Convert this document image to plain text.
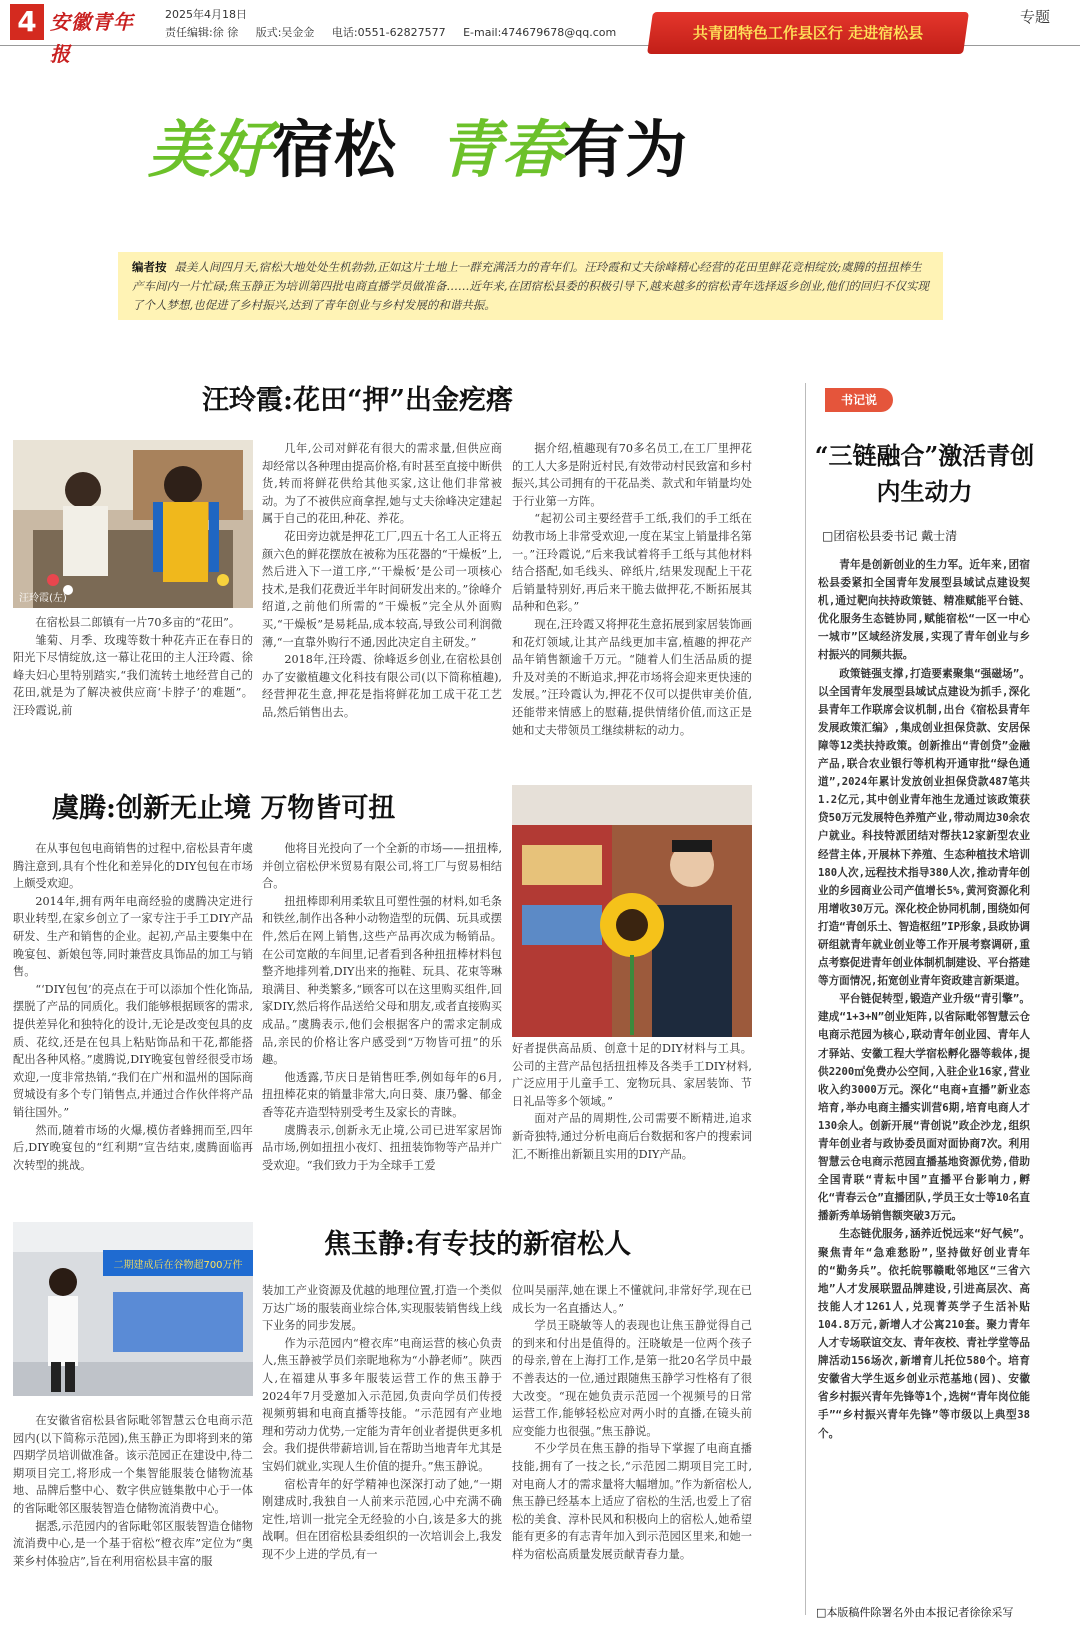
4 安徽青年报
2025年4月18日
责任编辑:徐 徐 版式:吴金金 电话:0551-62827577 E-mail:474679678@qq.com
专题
共青团特色工作县区行 走进宿松县
美好宿松 青春有为
编者按 最美人间四月天,宿松大地处处生机勃勃,正如这片土地上一群充满活力的青年们。汪玲霞和丈夫徐峰精心经营的花田里鲜花竞相绽放;虞腾的扭扭棒生产车间内一片忙碌;焦玉静正为培训第四批电商直播学员做准备……近年来,在团宿松县委的积极引导下,越来越多的宿松青年选择返乡创业,他们的回归不仅实现了个人梦想,也促进了乡村振兴,达到了青年创业与乡村发展的和谐共振。
汪玲霞:花田“押”出金疙瘩
汪玲霞(左)

在宿松县二郎镇有一片70多亩的“花田”。

雏菊、月季、玫瑰等数十种花卉正在春日的阳光下尽情绽放,这一幕让花田的主人汪玲霞、徐峰夫妇心里特别踏实,“我们流转土地经营自己的花田,就是为了解决被供应商‘卡脖子’的难题”。汪玲霞说,前

几年,公司对鲜花有很大的需求量,但供应商却经常以各种理由提高价格,有时甚至直接中断供货,转而将鲜花供给其他买家,这让他们非常被动。为了不被供应商拿捏,她与丈夫徐峰决定建起属于自己的花田,种花、养花。

花田旁边就是押花工厂,四五十名工人正将五颜六色的鲜花摆放在被称为压花器的“干燥板”上,然后进入下一道工序,“‘干燥板’是公司一项核心技术,是我们花费近半年时间研发出来的。”徐峰介绍道,之前他们所需的“干燥板”完全从外面购买,“干燥板”是易耗品,成本较高,导致公司利润微薄,“一直靠外购行不通,因此决定自主研发。”

2018年,汪玲霞、徐峰返乡创业,在宿松县创办了安徽植趣文化科技有限公司(以下简称植趣),经营押花生意,押花是指将鲜花加工成干花工艺品,然后销售出去。

据介绍,植趣现有70多名员工,在工厂里押花的工人大多是附近村民,有效带动村民致富和乡村振兴,其公司拥有的干花品类、款式和年销量均处于行业第一方阵。

“起初公司主要经营手工纸,我们的手工纸在幼教市场上非常受欢迎,一度在某宝上销量排名第一。”汪玲霞说,“后来我试着将手工纸与其他材料结合搭配,如毛线头、碎纸片,结果发现配上干花后销量特别好,再后来干脆去做押花,不断拓展其品种和色彩。”

现在,汪玲霞又将押花生意拓展到家居装饰画和花灯领域,让其产品线更加丰富,植趣的押花产品年销售额逾千万元。“随着人们生活品质的提升及对美的不断追求,押花市场将会迎来更快速的发展。”汪玲霞认为,押花不仅可以提供审美价值,还能带来情感上的慰藉,提供情绪价值,而这正是她和丈夫带领员工继续耕耘的动力。

虞腾:创新无止境 万物皆可扭

在从事包包电商销售的过程中,宿松县青年虞腾注意到,具有个性化和差异化的DIY包包在市场上颇受欢迎。

2014年,拥有两年电商经验的虞腾决定进行职业转型,在家乡创立了一家专注于手工DIY产品研发、生产和销售的企业。起初,产品主要集中在晚宴包、新娘包等,同时兼营皮具饰品的加工与销售。

“‘DIY包包’的亮点在于可以添加个性化饰品,摆脱了产品的同质化。我们能够根据顾客的需求,提供差异化和独特化的设计,无论是改变包具的皮质、花纹,还是在包具上粘贴饰品和干花,都能搭配出各种风格。”虞腾说,DIY晚宴包曾经很受市场欢迎,一度非常热销,“我们在广州和温州的国际商贸城设有多个专门销售点,并通过合作伙伴将产品销往国外。”

然而,随着市场的火爆,模仿者蜂拥而至,四年后,DIY晚宴包的“红利期”宣告结束,虞腾面临再次转型的挑战。

他将目光投向了一个全新的市场——扭扭棒,并创立宿松伊米贸易有限公司,将工厂与贸易相结合。

扭扭棒即利用柔软且可塑性强的材料,如毛条和铁丝,制作出各种小动物造型的玩偶、玩具或摆件,然后在网上销售,这些产品再次成为畅销品。在公司宽敞的车间里,记者看到各种扭扭棒材料包整齐地排列着,DIY出来的拖鞋、玩具、花束等琳琅满目、种类繁多,“顾客可以在这里购买组件,回家DIY,然后将作品送给父母和朋友,或者直接购买成品。”虞腾表示,他们会根据客户的需求定制成品,亲民的价格让客户感受到“万物皆可扭”的乐趣。

他透露,节庆日是销售旺季,例如每年的6月,扭扭棒花束的销量非常大,向日葵、康乃馨、郁金香等花卉造型特别受考生及家长的青睐。

虞腾表示,创新永无止境,公司已进军家居饰品市场,例如扭扭小夜灯、扭扭装饰物等产品并广受欢迎。“我们致力于为全球手工爱

好者提供高品质、创意十足的DIY材料与工具。公司的主营产品包括扭扭棒及各类手工DIY材料,广泛应用于儿童手工、宠物玩具、家居装饰、节日礼品等多个领域。”

面对产品的周期性,公司需要不断精进,追求新奇独特,通过分析电商后台数据和客户的搜索词汇,不断推出新颖且实用的DIY产品。

焦玉静:有专技的新宿松人
二期建成后在谷物超700万件

在安徽省宿松县省际毗邻智慧云仓电商示范园内(以下简称示范园),焦玉静正为即将到来的第四期学员培训做准备。该示范园正在建设中,待二期项目完工,将形成一个集智能服装仓储物流基地、品牌后整中心、数字供应链集散中心于一体的省际毗邻区服装智造仓储物流消费中心。

据悉,示范园内的省际毗邻区服装智造仓储物流消费中心,是一个基于宿松“橙衣库”定位为“奥莱乡村体验店”,旨在利用宿松县丰富的服

装加工产业资源及优越的地理位置,打造一个类似万达广场的服装商业综合体,实现服装销售线上线下业务的同步发展。

作为示范园内“橙衣库”电商运营的核心负责人,焦玉静被学员们亲昵地称为“小静老师”。陕西人,在福建从事多年服装运营工作的焦玉静于2024年7月受邀加入示范园,负责向学员们传授视频剪辑和电商直播等技能。“示范园有产业地理和劳动力优势,一定能为青年创业者提供更多机会。我们提供带薪培训,旨在帮助当地青年尤其是宝妈们就业,实现人生价值的提升。”焦玉静说。

宿松青年的好学精神也深深打动了她,“一期刚建成时,我独自一人前来示范园,心中充满不确定性,培训一批完全无经验的小白,该是多大的挑战啊。但在团宿松县委组织的一次培训会上,我发现不少上进的学员,有一

位叫吴丽萍,她在课上不懂就问,非常好学,现在已成长为一名直播达人。”

学员王晓敏等人的表现也让焦玉静觉得自己的到来和付出是值得的。汪晓敏是一位两个孩子的母亲,曾在上海打工作,是第一批20名学员中最不善表达的一位,通过跟随焦玉静学习性格有了很大改变。“现在她负责示范园一个视频号的日常运营工作,能够轻松应对两小时的直播,在镜头前应变能力也很强。”焦玉静说。

不少学员在焦玉静的指导下掌握了电商直播技能,拥有了一技之长,“示范园二期项目完工时,对电商人才的需求量将大幅增加。”作为新宿松人,焦玉静已经基本上适应了宿松的生活,也爱上了宿松的美食、淳朴民风和积极向上的宿松人,她希望能有更多的有志青年加入到示范园区里来,和她一样为宿松高质量发展贡献青春力量。

书记说
“三链融合”激活青创内生动力
□团宿松县委书记 戴士清

青年是创新创业的生力军。近年来,团宿松县委紧扣全国青年发展型县域试点建设契机,通过靶向扶持政策链、精准赋能平台链、优化服务生态链协同,赋能宿松“一区一中心一城市”区域经济发展,实现了青年创业与乡村振兴的同频共振。

政策链强支撑,打造要素聚集“强磁场”。以全国青年发展型县域试点建设为抓手,深化县青年工作联席会议机制,出台《宿松县青年发展政策汇编》,集成创业担保贷款、安居保障等12类扶持政策。创新推出“青创贷”金融产品,联合农业银行等机构开通审批“绿色通道”,2024年累计发放创业担保贷款487笔共1.2亿元,其中创业青年池生龙通过该政策获贷50万元发展特色养殖产业,带动周边30余农户就业。科技特派团结对帮扶12家新型农业经营主体,开展林下养殖、生态种植技术培训180人次,远程技术指导380人次,推动青年创业的乡园商业公司产值增长5%,黄河资源化利用增收30万元。深化校企协同机制,围绕如何打造“青创乐土、智造枢纽”IP形象,县政协调研组就青年就业创业等工作开展考察调研,重点考察促进青年创业体制机制建设、平台搭建等方面情况,拓宽创业青年资政建言新渠道。

平台链促转型,锻造产业升级“青引擎”。建成“1+3+N”创业矩阵,以省际毗邻智慧云仓电商示范园为核心,联动青年创业园、青年人才驿站、安徽工程大学宿松孵化器等载体,提供2200㎡免费办公空间,入驻企业16家,营业收入约3000万元。深化“电商+直播”新业态培育,举办电商主播实训营6期,培育电商人才130余人。创新开展“青创说”政企沙龙,组织青年创业者与政协委员面对面协商7次。利用智慧云仓电商示范园直播基地资源优势,借助全国青联“青耘中国”直播平台影响力,孵化“青春云仓”直播团队,学员王女士等10名直播新秀单场销售额突破3万元。

生态链优服务,涵养近悦远来“好气候”。聚焦青年“急难愁盼”,坚持做好创业青年的“勤务兵”。依托皖鄂赣毗邻地区“三省六地”人才发展联盟品牌建设,引进高层次、高技能人才1261人,兑现菁英学子生活补贴104.8万元,新增人才公寓210套。聚力青年人才专场联谊交友、青年夜校、青社学堂等品牌活动156场次,新增育儿托位580个。培育安徽省大学生返乡创业示范基地(园)、安徽省乡村振兴青年先锋等1个,选树“青年岗位能手”“乡村振兴青年先锋”等市级以上典型38个。

□本版稿件除署名外由本报记者徐徐采写
